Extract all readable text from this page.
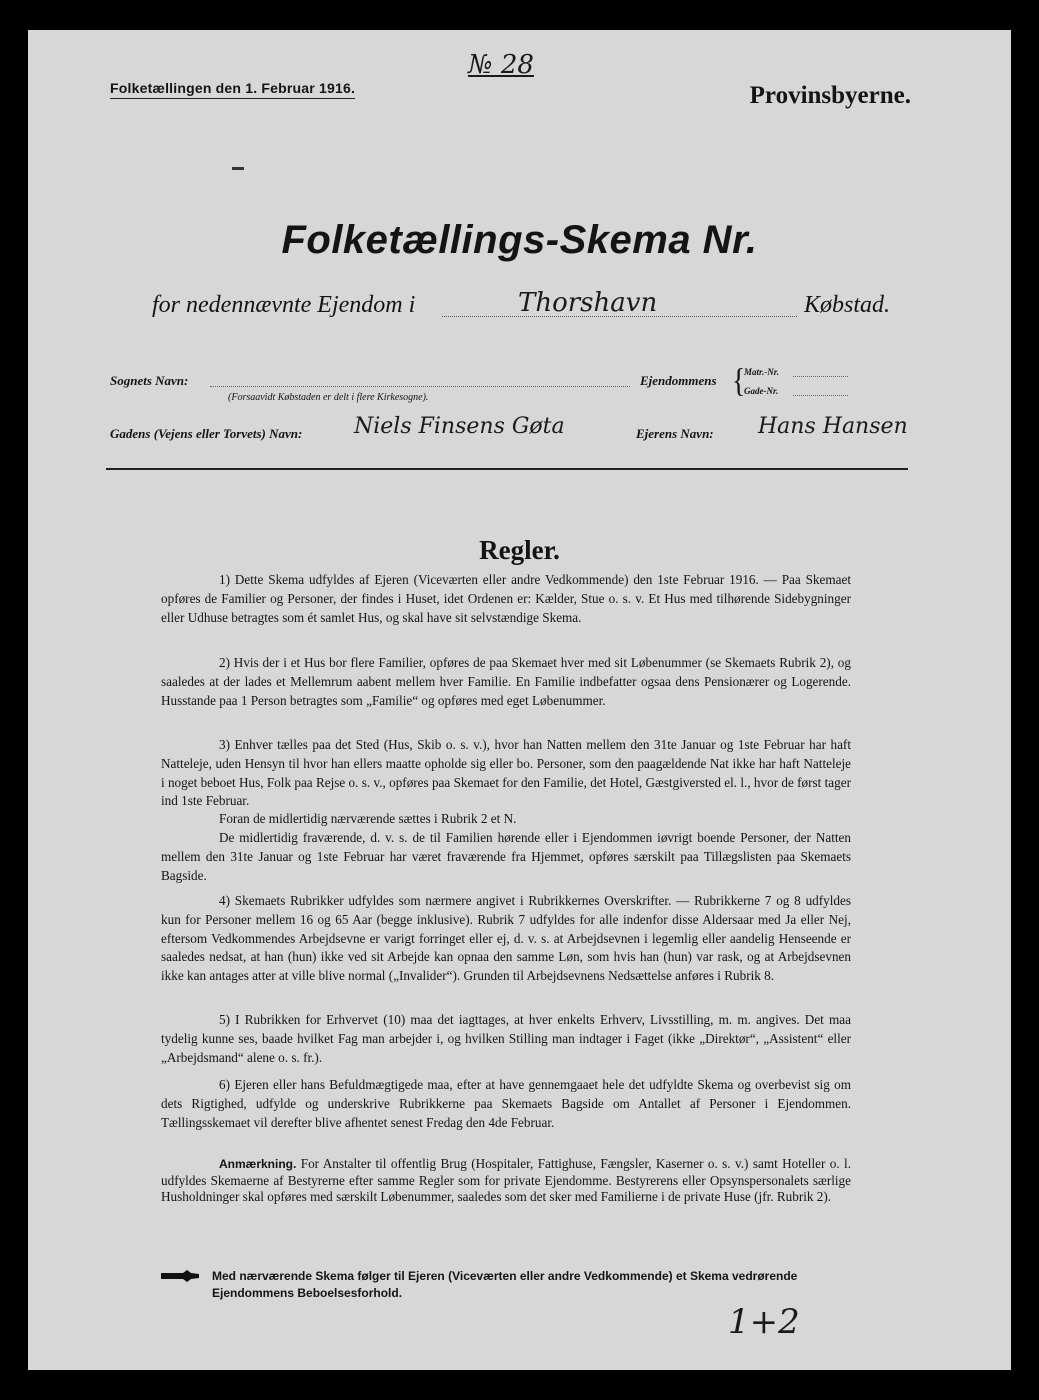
Folketællingen den 1. Februar 1916.
№ 28
Provinsbyerne.
Folketællings-Skema Nr.
for nedennævnte Ejendom i	Thorshavn	Købstad.
Sognets Navn:
(Forsaavidt Købstaden er delt i flere Kirkesogne).
Ejendommens {
Matr.-Nr.
Gade-Nr.
Gadens (Vejens eller Torvets) Navn: Niels Finsens Gøta	Ejerens Navn: Hans Hansen
Regler.
1) Dette Skema udfyldes af Ejeren (Viceværten eller andre Vedkommende) den 1ste Februar 1916. — Paa Skemaet opføres de Familier og Personer, der findes i Huset, idet Ordenen er: Kælder, Stue o. s. v. Et Hus med tilhørende Sidebygninger eller Udhuse betragtes som ét samlet Hus, og skal have sit selvstændige Skema.
2) Hvis der i et Hus bor flere Familier, opføres de paa Skemaet hver med sit Løbenummer (se Skemaets Rubrik 2), og saaledes at der lades et Mellemrum aabent mellem hver Familie. En Familie indbefatter ogsaa dens Pensionærer og Logerende. Husstande paa 1 Person betragtes som „Familie“ og opføres med eget Løbenummer.
3) Enhver tælles paa det Sted (Hus, Skib o. s. v.), hvor han Natten mellem den 31te Januar og 1ste Februar har haft Natteleje, uden Hensyn til hvor han ellers maatte opholde sig eller bo. Personer, som den paagældende Nat ikke har haft Natteleje i noget beboet Hus, Folk paa Rejse o. s. v., opføres paa Skemaet for den Familie, det Hotel, Gæstgiversted el. l., hvor de først tager ind 1ste Februar.
Foran de midlertidig nærværende sættes i Rubrik 2 et N.
De midlertidig fraværende, d. v. s. de til Familien hørende eller i Ejendommen iøvrigt boende Personer, der Natten mellem den 31te Januar og 1ste Februar har været fraværende fra Hjemmet, opføres særskilt paa Tillægslisten paa Skemaets Bagside.
4) Skemaets Rubrikker udfyldes som nærmere angivet i Rubrikkernes Overskrifter. — Rubrikkerne 7 og 8 udfyldes kun for Personer mellem 16 og 65 Aar (begge inklusive). Rubrik 7 udfyldes for alle indenfor disse Aldersaar med Ja eller Nej, eftersom Vedkommendes Arbejdsevne er varigt forringet eller ej, d. v. s. at Arbejdsevnen i legemlig eller aandelig Henseende er saaledes nedsat, at han (hun) ikke ved sit Arbejde kan opnaa den samme Løn, som hvis han (hun) var rask, og at Arbejdsevnen ikke kan antages atter at ville blive normal („Invalider“). Grunden til Arbejdsevnens Nedsættelse anføres i Rubrik 8.
5) I Rubrikken for Erhvervet (10) maa det iagttages, at hver enkelts Erhverv, Livsstilling, m. m. angives. Det maa tydelig kunne ses, baade hvilket Fag man arbejder i, og hvilken Stilling man indtager i Faget (ikke „Direktør“, „Assistent“ eller „Arbejdsmand“ alene o. s. fr.).
6) Ejeren eller hans Befuldmægtigede maa, efter at have gennemgaaet hele det udfyldte Skema og overbevist sig om dets Rigtighed, udfylde og underskrive Rubrikkerne paa Skemaets Bagside om Antallet af Personer i Ejendommen. Tællingsskemaet vil derefter blive afhentet senest Fredag den 4de Februar.
Anmærkning. For Anstalter til offentlig Brug (Hospitaler, Fattighuse, Fængsler, Kaserner o. s. v.) samt Hoteller o. l. udfyldes Skemaerne af Bestyrerne efter samme Regler som for private Ejendomme. Bestyrerens eller Opsynspersonalets særlige Husholdninger skal opføres med særskilt Løbenummer, saaledes som det sker med Familierne i de private Huse (jfr. Rubrik 2).
Med nærværende Skema følger til Ejeren (Viceværten eller andre Vedkommende) et Skema vedrørende Ejendommens Beboelsesforhold.
1+2
